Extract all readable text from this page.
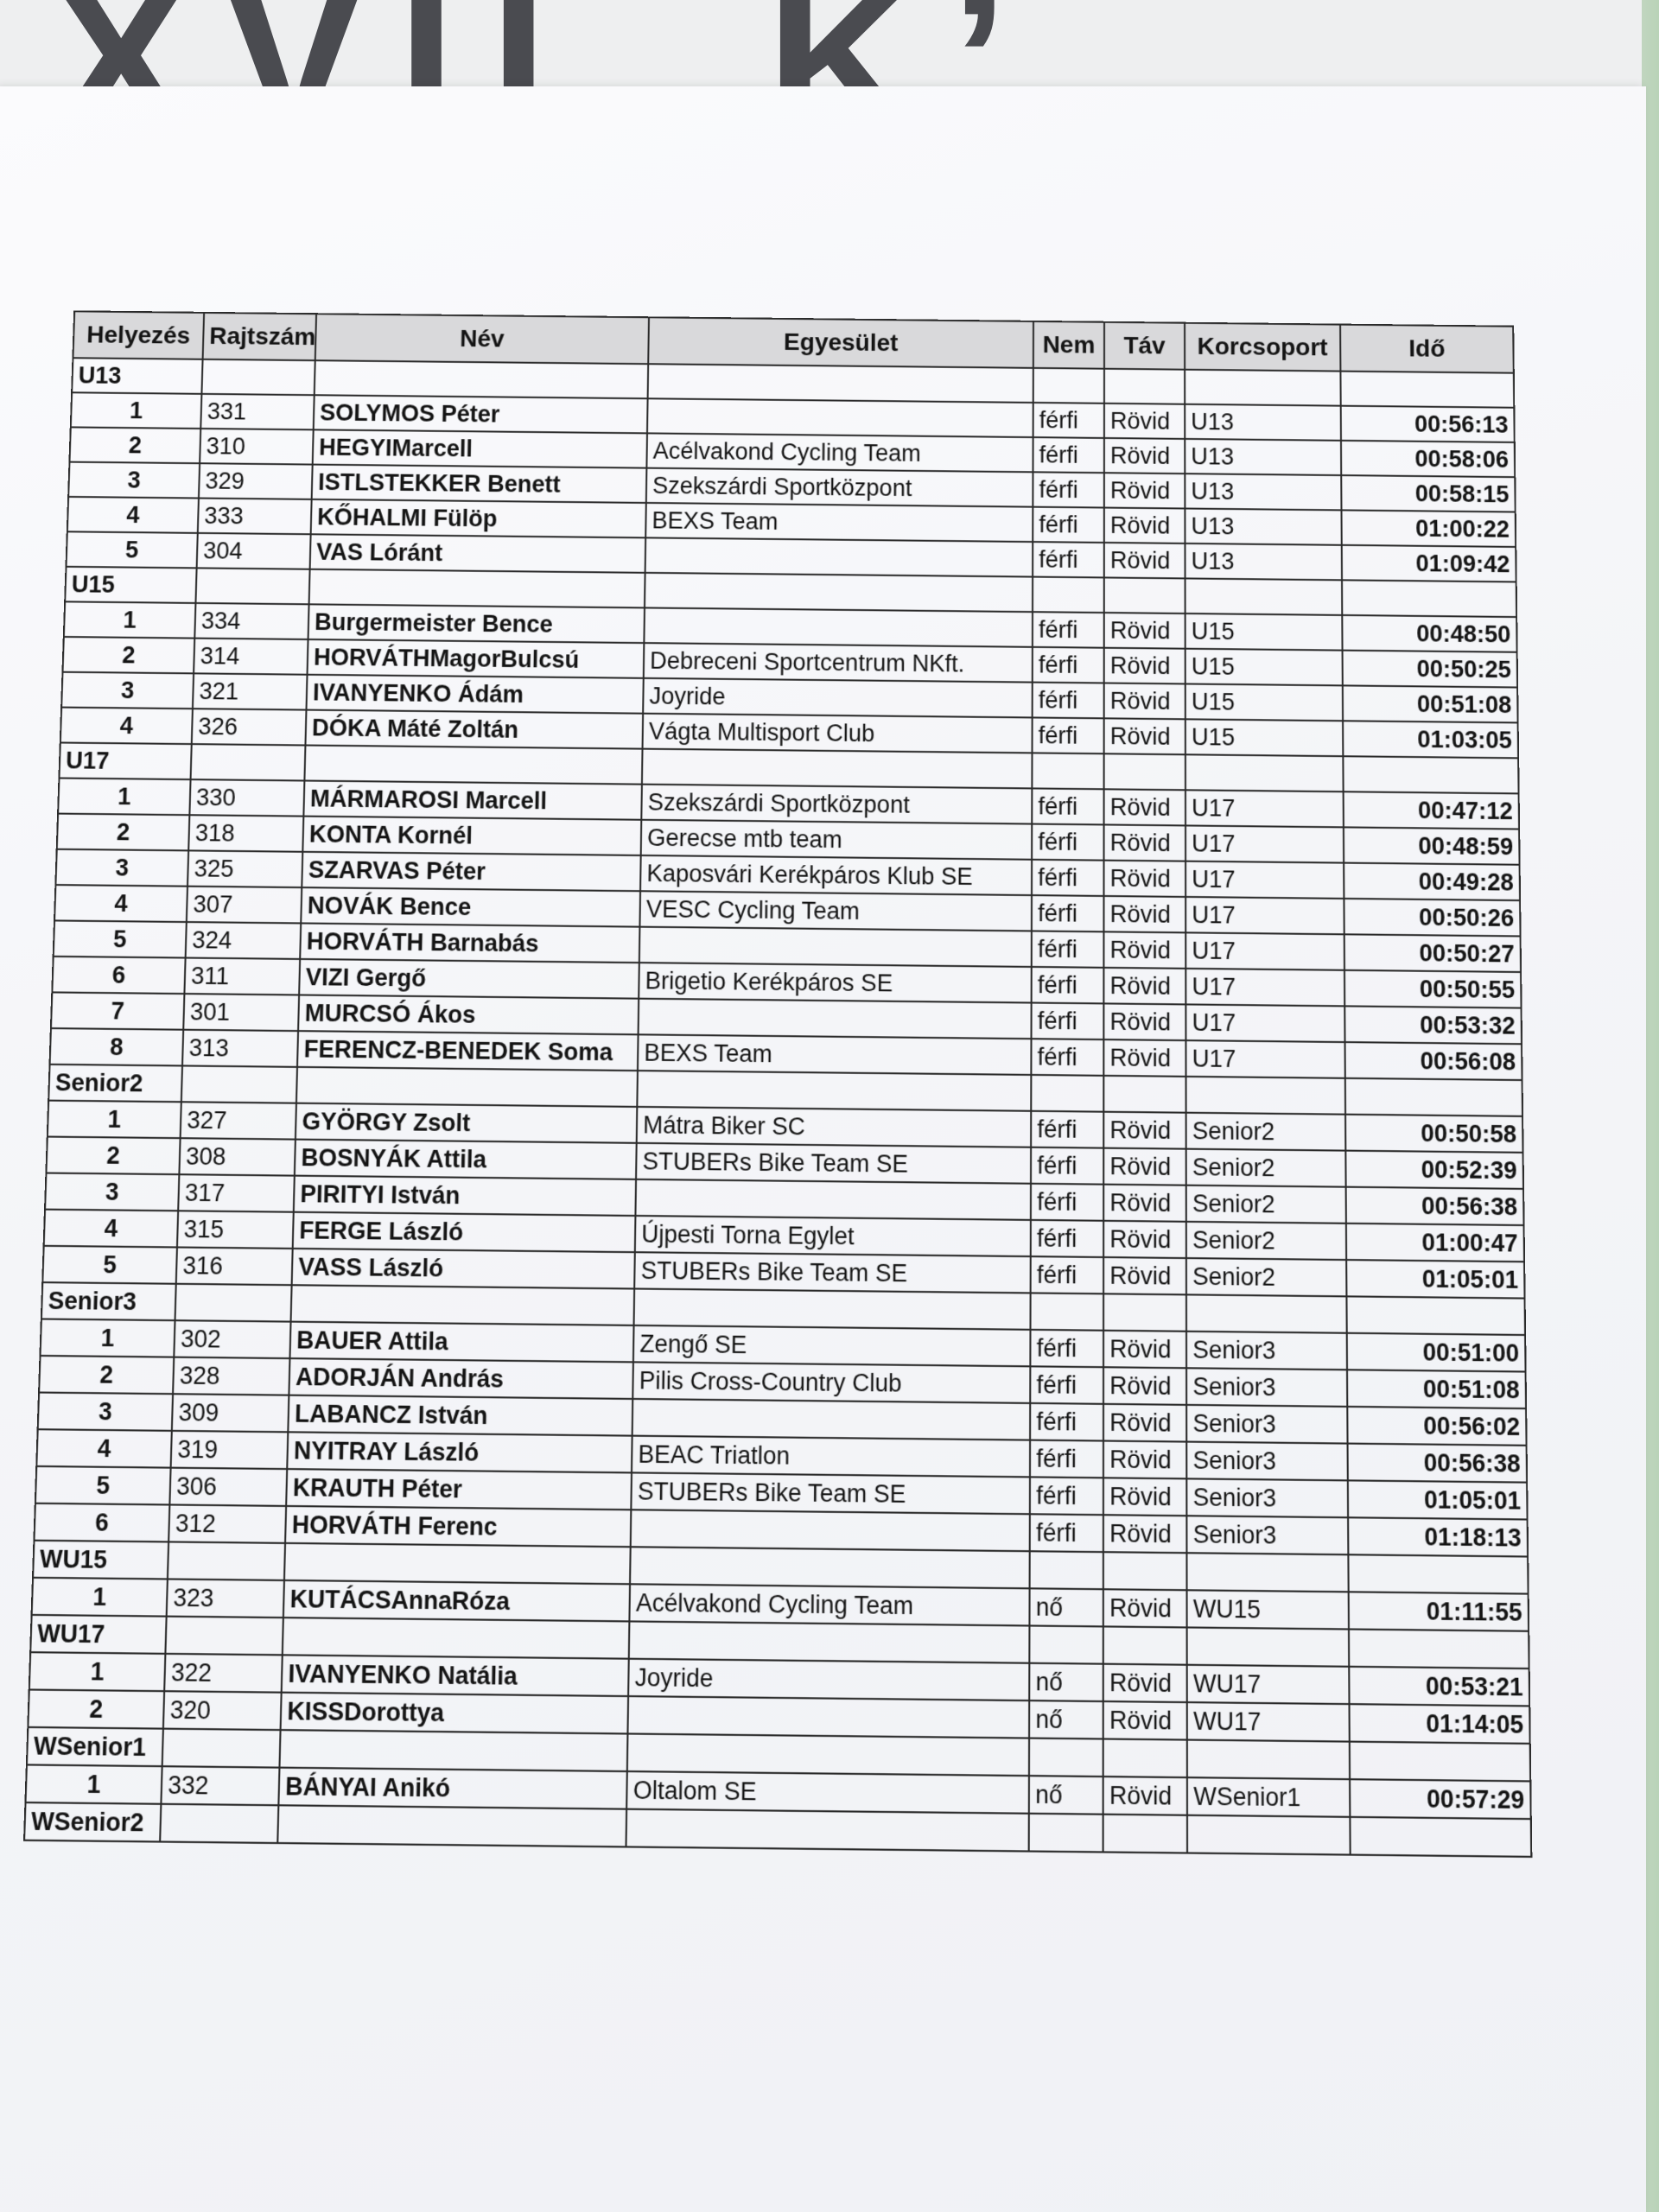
Helyezés	Rajtszám	Név	Egyesület	Nem	Táv	Korcsoport	Idő
U13							
1	331	SOLYMOS Péter		férfi	Rövid	U13	00:56:13
2	310	HEGYIMarcell	Acélvakond Cycling Team	férfi	Rövid	U13	00:58:06
3	329	ISTLSTEKKER Benett	Szekszárdi Sportközpont	férfi	Rövid	U13	00:58:15
4	333	KŐHALMI Fülöp	BEXS Team	férfi	Rövid	U13	01:00:22
5	304	VAS Lóránt		férfi	Rövid	U13	01:09:42
U15							
1	334	Burgermeister Bence		férfi	Rövid	U15	00:48:50
2	314	HORVÁTHMagorBulcsú	Debreceni Sportcentrum NKft.	férfi	Rövid	U15	00:50:25
3	321	IVANYENKO Ádám	Joyride	férfi	Rövid	U15	00:51:08
4	326	DÓKA Máté Zoltán	Vágta Multisport Club	férfi	Rövid	U15	01:03:05
U17							
1	330	MÁRMAROSI Marcell	Szekszárdi Sportközpont	férfi	Rövid	U17	00:47:12
2	318	KONTA Kornél	Gerecse mtb team	férfi	Rövid	U17	00:48:59
3	325	SZARVAS Péter	Kaposvári Kerékpáros Klub SE	férfi	Rövid	U17	00:49:28
4	307	NOVÁK Bence	VESC Cycling Team	férfi	Rövid	U17	00:50:26
5	324	HORVÁTH Barnabás		férfi	Rövid	U17	00:50:27
6	311	VIZI Gergő	Brigetio Kerékpáros SE	férfi	Rövid	U17	00:50:55
7	301	MURCSÓ Ákos		férfi	Rövid	U17	00:53:32
8	313	FERENCZ-BENEDEK Soma	BEXS Team	férfi	Rövid	U17	00:56:08
Senior2							
1	327	GYÖRGY Zsolt	Mátra Biker SC	férfi	Rövid	Senior2	00:50:58
2	308	BOSNYÁK Attila	STUBERs Bike Team SE	férfi	Rövid	Senior2	00:52:39
3	317	PIRITYI István		férfi	Rövid	Senior2	00:56:38
4	315	FERGE László	Újpesti Torna Egylet	férfi	Rövid	Senior2	01:00:47
5	316	VASS László	STUBERs Bike Team SE	férfi	Rövid	Senior2	01:05:01
Senior3							
1	302	BAUER Attila	Zengő SE	férfi	Rövid	Senior3	00:51:00
2	328	ADORJÁN András	Pilis Cross-Country Club	férfi	Rövid	Senior3	00:51:08
3	309	LABANCZ István		férfi	Rövid	Senior3	00:56:02
4	319	NYITRAY László	BEAC Triatlon	férfi	Rövid	Senior3	00:56:38
5	306	KRAUTH Péter	STUBERs Bike Team SE	férfi	Rövid	Senior3	01:05:01
6	312	HORVÁTH Ferenc		férfi	Rövid	Senior3	01:18:13
WU15							
1	323	KUTÁCSAnnaRóza	Acélvakond Cycling Team	nő	Rövid	WU15	01:11:55
WU17							
1	322	IVANYENKO Natália	Joyride	nő	Rövid	WU17	00:53:21
2	320	KISSDorottya		nő	Rövid	WU17	01:14:05
WSenior1							
1	332	BÁNYAI Anikó	Oltalom SE	nő	Rövid	WSenior1	00:57:29
WSenior2							
